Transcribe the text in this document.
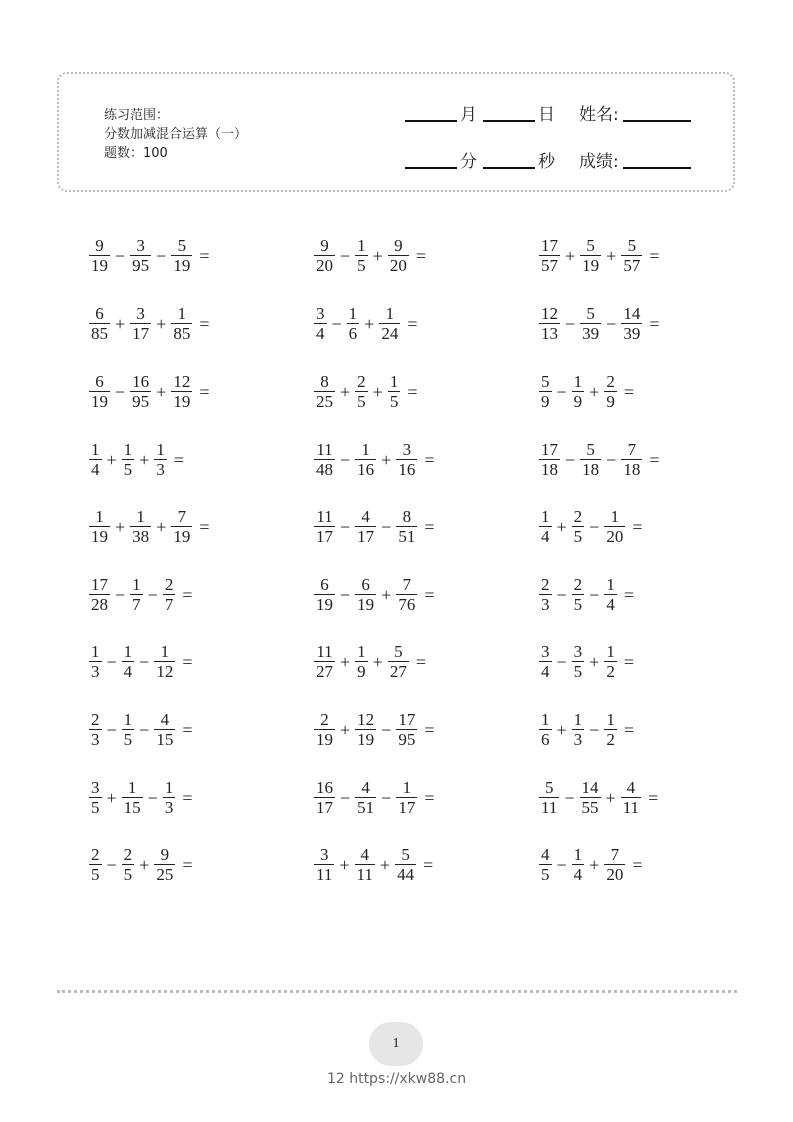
练习范围：
分数加减混合运算（一）
题数：100
月	日 姓名:
分	秒 成绩:
$\frac{9}{19} - \frac{3}{95} - \frac{5}{19}$ =
$\frac{6}{85} + \frac{3}{17} + \frac{1}{85}$ =
$\frac{6}{19} - \frac{16}{95} + \frac{12}{19}$ =
$\frac{1}{4} + \frac{1}{5} + \frac{1}{3}$ =
$\frac{1}{19} + \frac{1}{38} + \frac{7}{19}$ =
$\frac{17}{28} - \frac{1}{7} - \frac{2}{7}$ =
$\frac{1}{3} - \frac{1}{4} - \frac{1}{12}$ =
$\frac{2}{3} - \frac{1}{5} - \frac{4}{15}$ =
$\frac{3}{5} + \frac{1}{15} - \frac{1}{3}$ =
$\frac{2}{5} - \frac{2}{5} + \frac{9}{25}$ =
$\frac{9}{20} - \frac{1}{5} + \frac{9}{20}$ =
$\frac{3}{4} - \frac{1}{6} + \frac{1}{24}$ =
$\frac{8}{25} + \frac{2}{5} + \frac{1}{5}$ =
$\frac{11}{48} - \frac{1}{16} + \frac{3}{16}$ =
$\frac{11}{17} - \frac{4}{17} - \frac{8}{51}$ =
$\frac{6}{19} - \frac{6}{19} + \frac{7}{76}$ =
$\frac{11}{27} + \frac{1}{9} + \frac{5}{27}$ =
$\frac{2}{19} + \frac{12}{19} - \frac{17}{95}$ =
$\frac{16}{17} - \frac{4}{51} - \frac{1}{17}$ =
$\frac{3}{11} + \frac{4}{11} + \frac{5}{44}$ =
$\frac{17}{57} + \frac{5}{19} + \frac{5}{57}$ =
$\frac{12}{13} - \frac{5}{39} - \frac{14}{39}$ =
$\frac{5}{9} - \frac{1}{9} + \frac{2}{9}$ =
$\frac{17}{18} - \frac{5}{18} - \frac{7}{18}$ =
$\frac{1}{4} + \frac{2}{5} - \frac{1}{20}$ =
$\frac{2}{3} - \frac{2}{5} - \frac{1}{4}$ =
$\frac{3}{4} - \frac{3}{5} + \frac{1}{2}$ =
$\frac{1}{6} + \frac{1}{3} - \frac{1}{2}$ =
$\frac{5}{11} - \frac{14}{55} + \frac{4}{11}$ =
$\frac{4}{5} - \frac{1}{4} + \frac{7}{20}$ =
1
12 https://xkw88.cn
